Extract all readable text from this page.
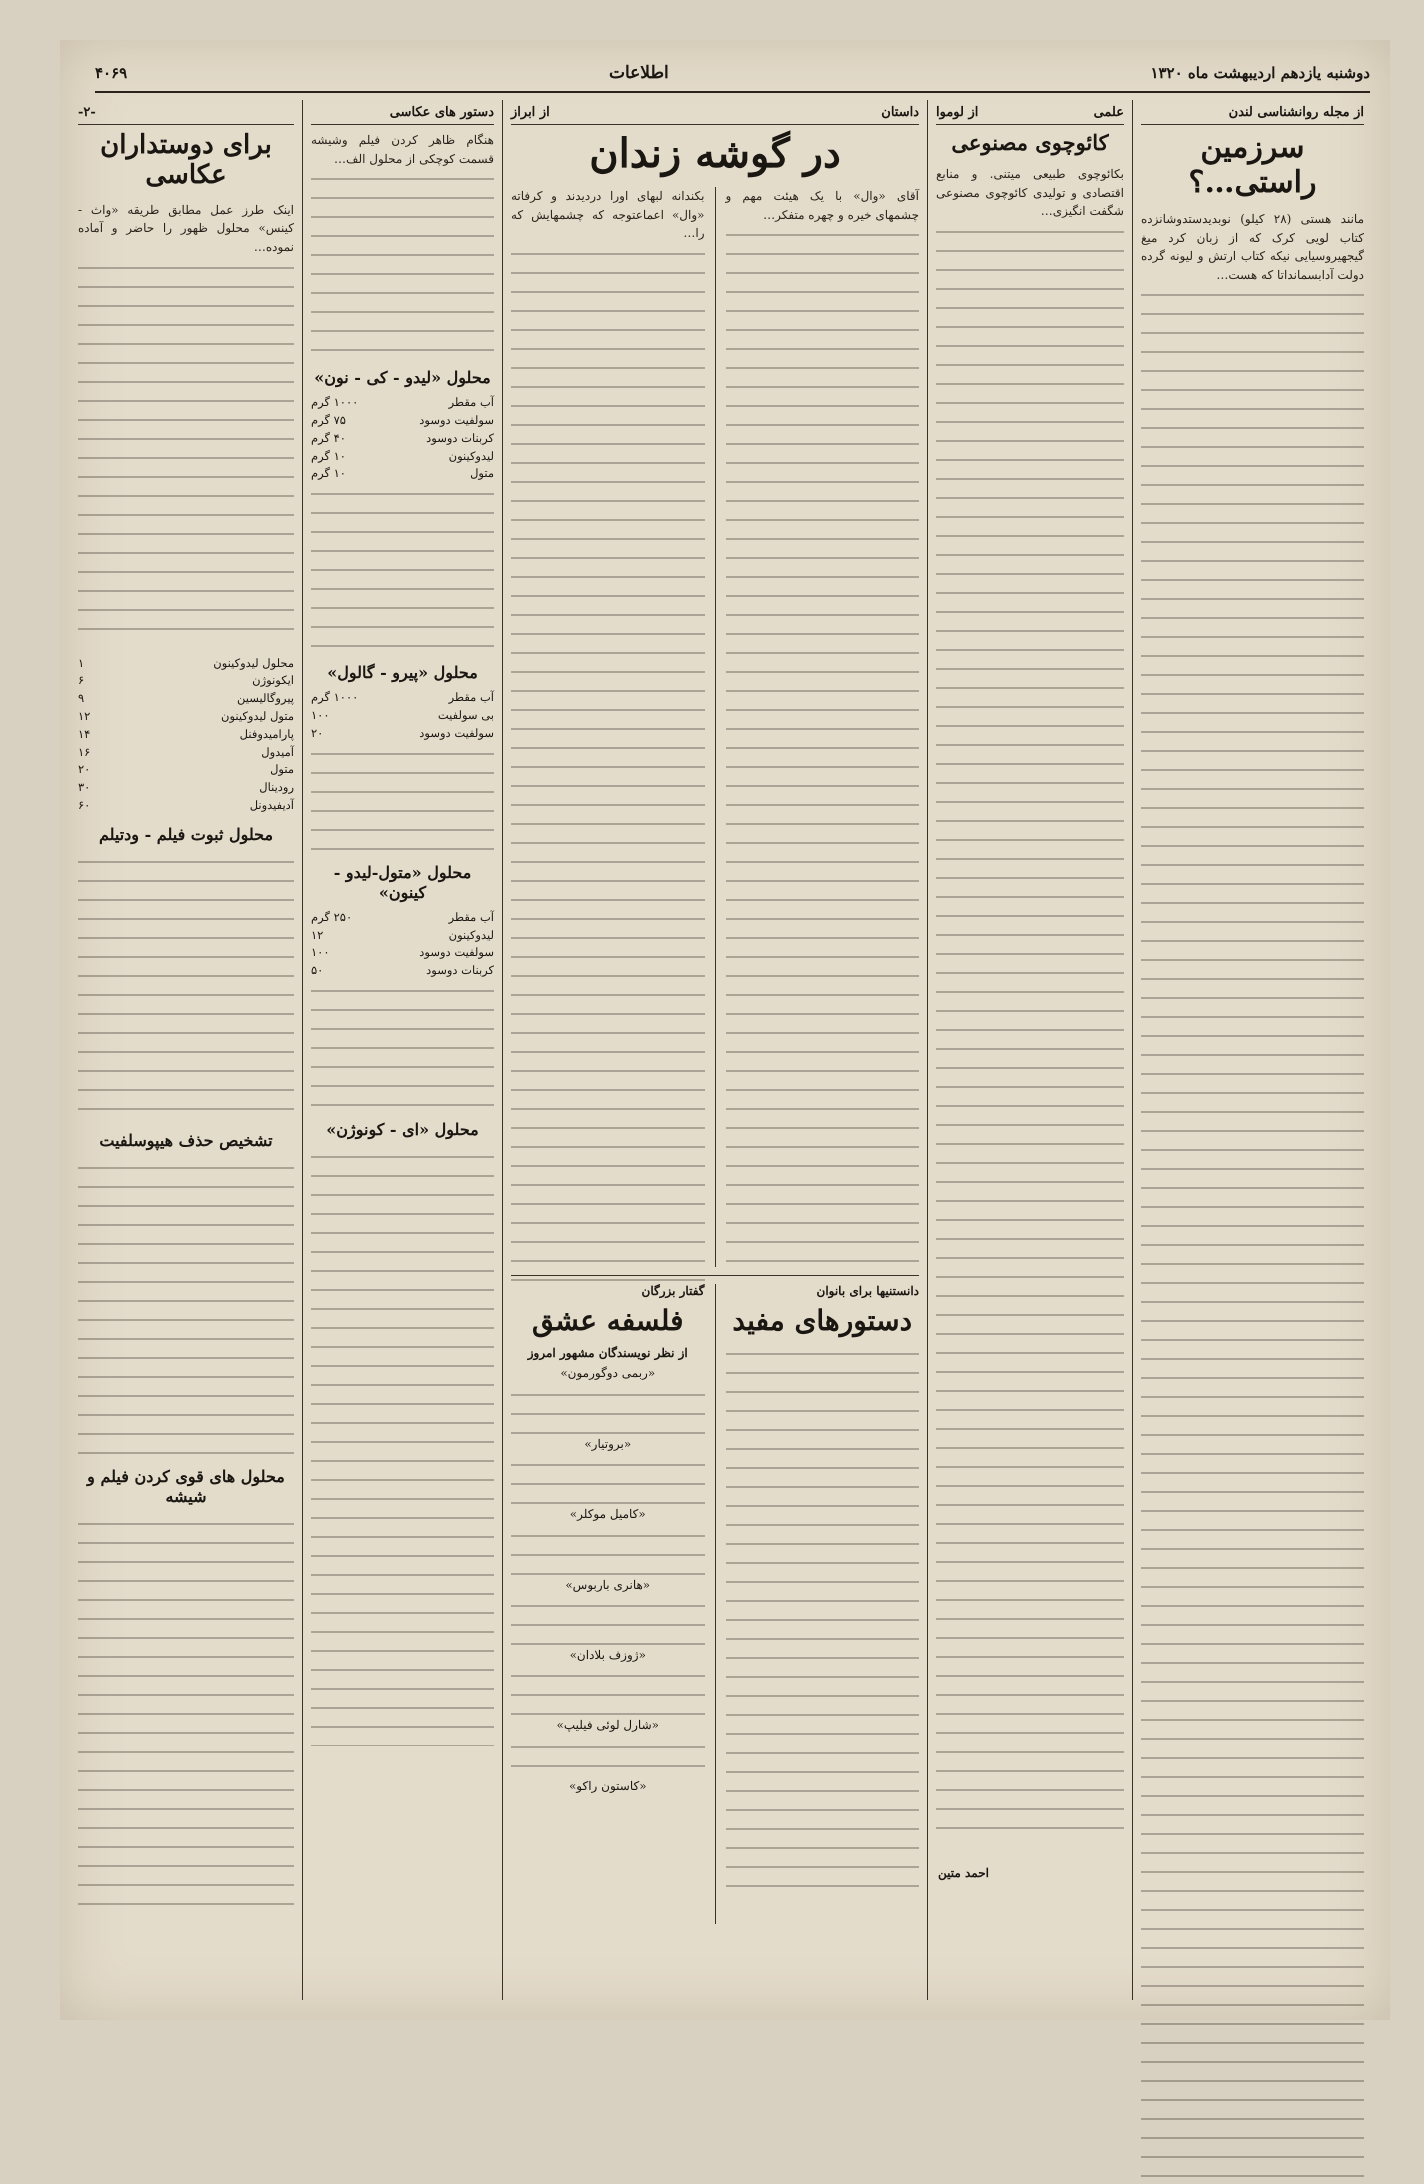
دوشنبه یازدهم اردیبهشت ماه ۱۳۲۰
اطلاعات
۴۰۶۹
از مجله روانشناسی لندن
سرزمین راستی…؟
مانند هستی (۲۸ کیلو) نوبدیدستدوشانزده کتاب لویی کرک که از زبان کرد میغ گیجهیروسیایی نیکه کتاب ارتش و لیونه گرده دولت آدابسمانداتا که هست…
علمی
از لوموا
کائوچوی مصنوعی
بکائوچوی طبیعی میتنی. و منابع اقتصادی و تولیدی کائوچوی مصنوعی شگفت انگیزی…
احمد متین
داستان
از ابراز
در گوشه زندان
آقای «وال» با یک هیئت مهم و چشمهای خیره و چهره متفکر…
بکندانه لبهای اورا دردیدند و کرفاته «وال» اعماعتوجه که چشمهایش که را…
دانستنیها برای بانوان
دستورهای مفید
گفتار بزرگان
فلسفه عشق
از نظر نویسندگان مشهور امروز
«ربمی دوگورمون»
«بروتیار»
«کامیل موکلر»
«هانری باربوس»
«ژوزف بلادان»
«شارل لوئی فیلیپ»
«کاستون راکو»
دستور های عکاسی
هنگام ظاهر کردن فیلم وشیشه قسمت کوچکی از محلول الف…
محلول «لیدو - کی - نون»
آب مقطر
۱۰۰۰ گرم
سولفیت دوسود
۷۵ گرم
کربنات دوسود
۴۰ گرم
لیدوکینون
۱۰ گرم
متول
۱۰ گرم
محلول «پیرو - گالول»
آب مقطر
۱۰۰۰ گرم
بی سولفیت
۱۰۰
سولفیت دوسود
۲۰
محلول «متول-لیدو - کینون»
آب مقطر
۲۵۰ گرم
لیدوکینون
۱۲
سولفیت دوسود
۱۰۰
کربنات دوسود
۵۰
محلول «ای - کونوژن»
-۲-
برای دوستداران عکاسی
اینک طرز عمل مطابق طریقه «واث - کینس» محلول ظهور را حاضر و آماده نموده…
محلول لیدوکینون
۱
ایکونوژن
۶
پیروگالیسین
۹
متول لیدوکینون
۱۲
پارامیدوفنل
۱۴
آمیدول
۱۶
متول
۲۰
رودینال
۳۰
آدیفیدونل
۶۰
محلول ثبوت فیلم - ودتیلم
تشخیص حذف هیپوسلفیت
محلول های قوی کردن فیلم و شیشه
